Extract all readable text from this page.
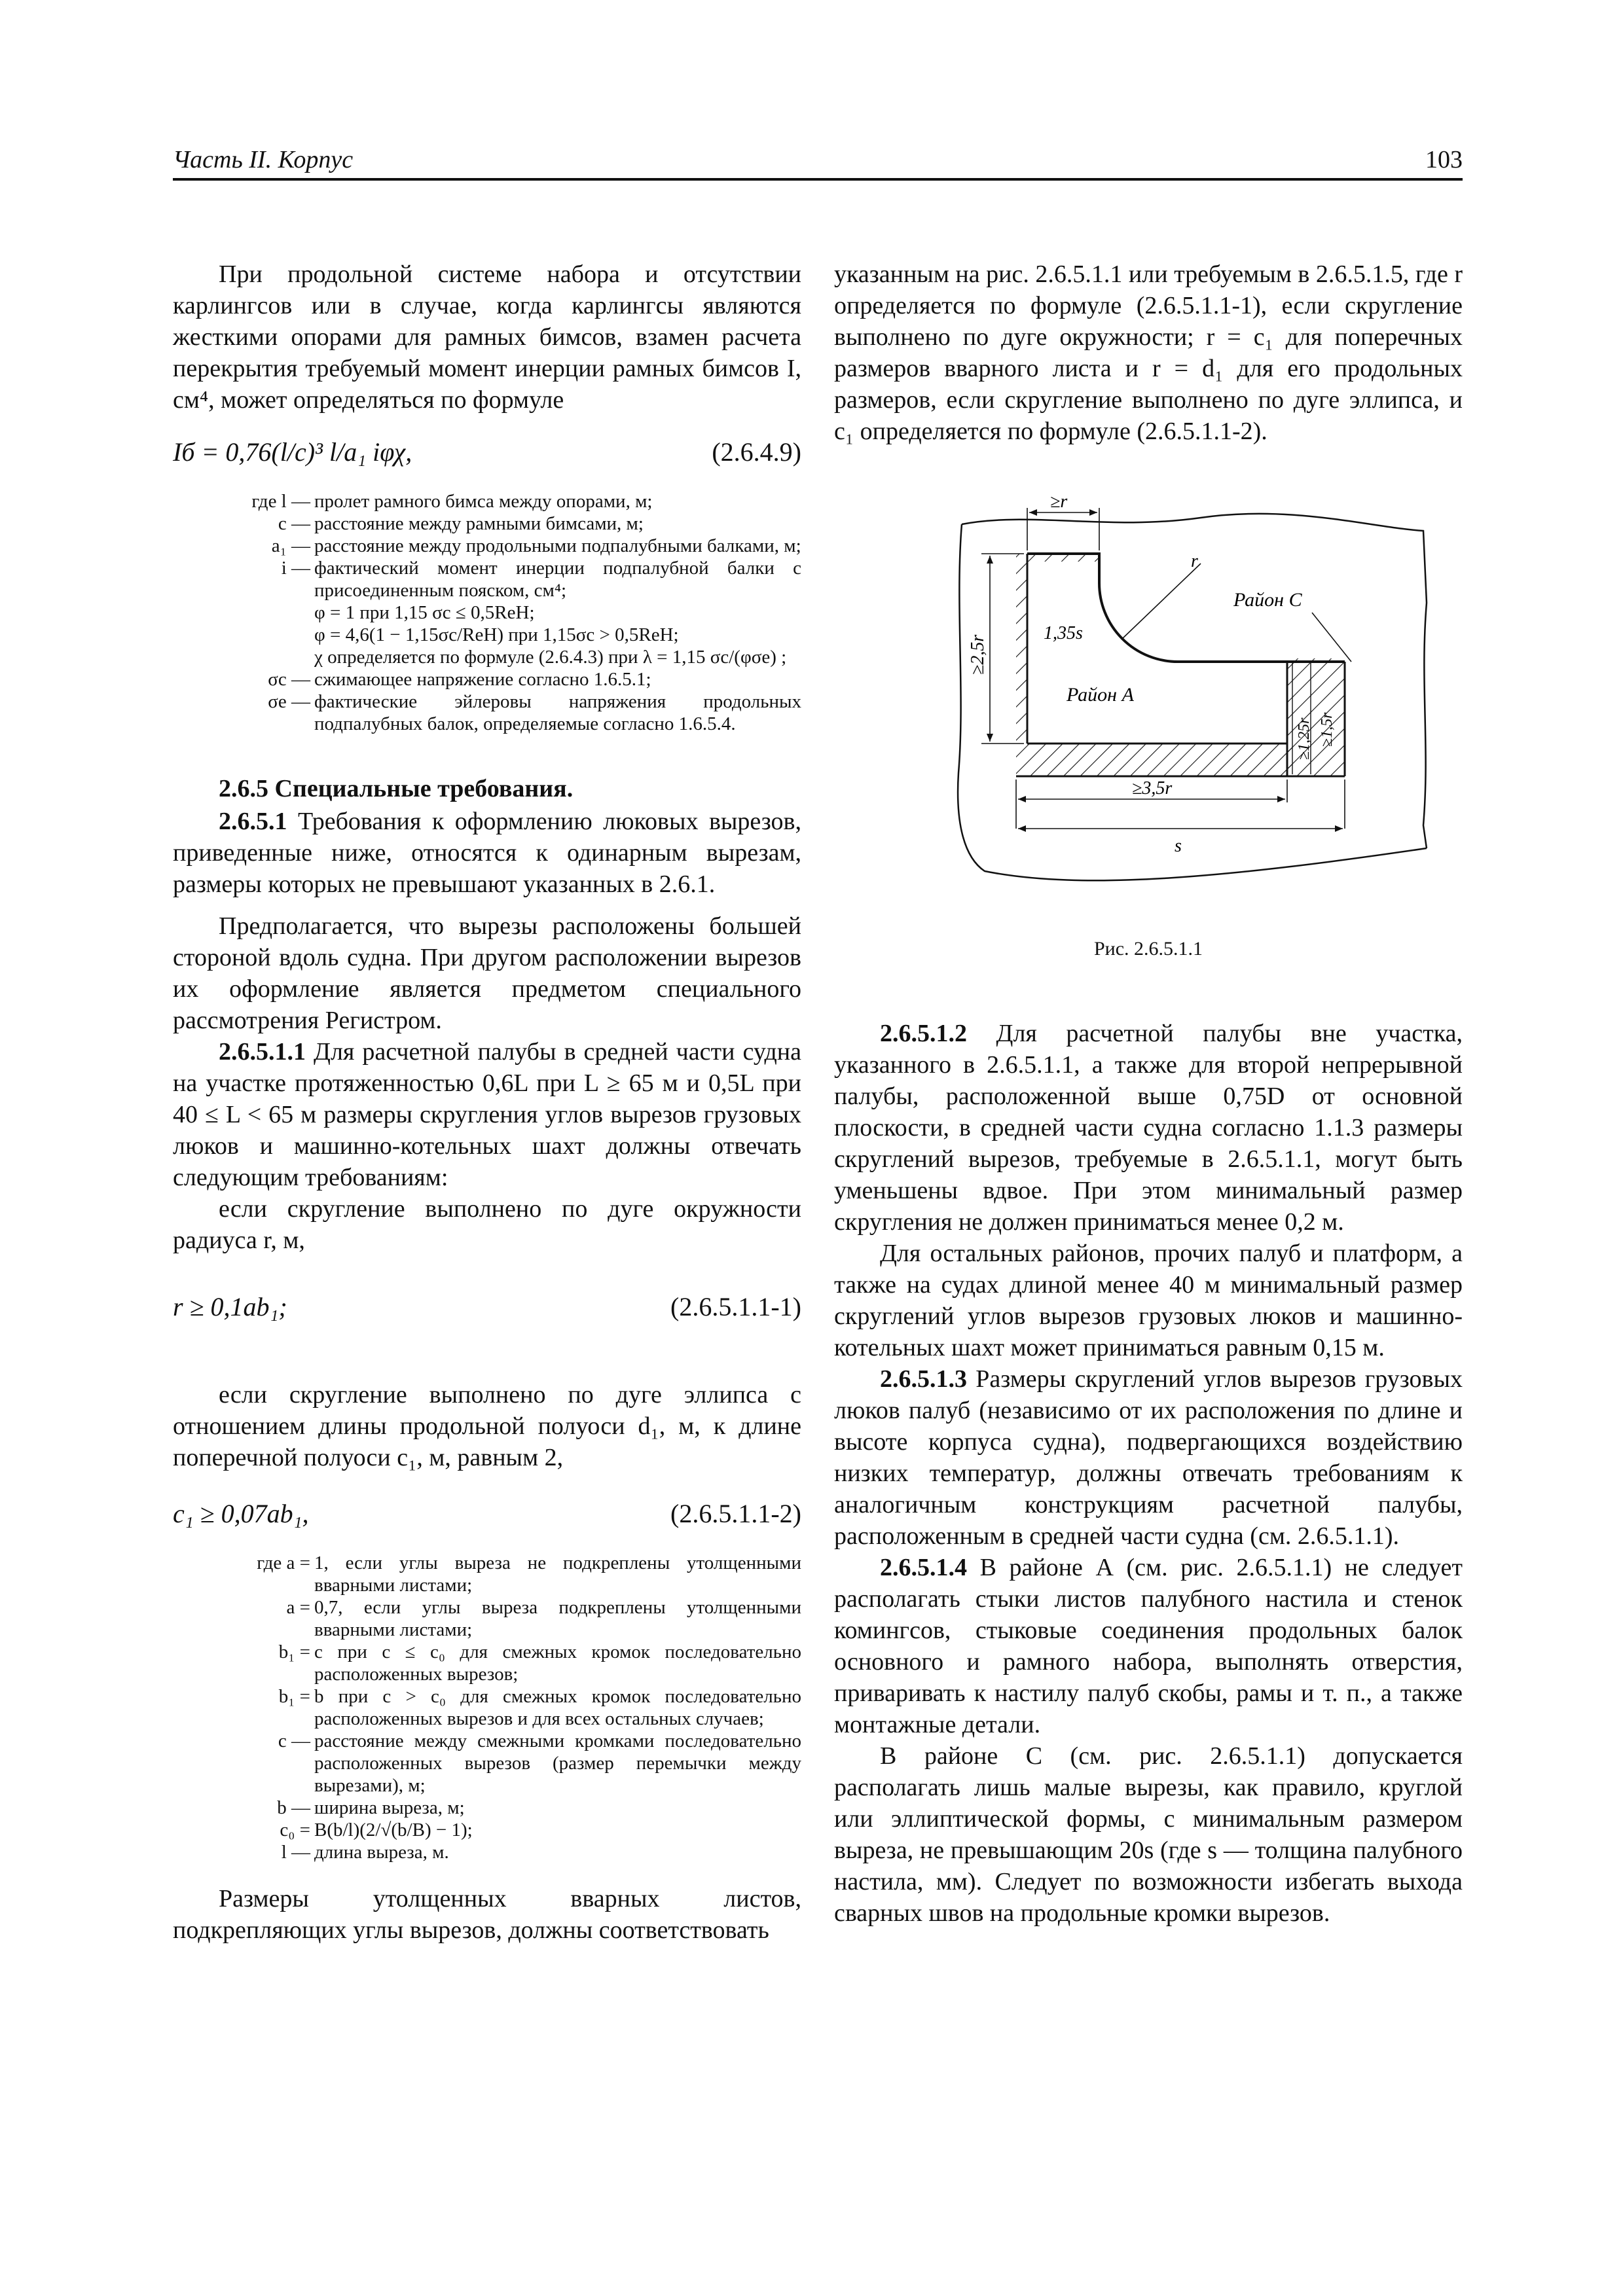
Часть II. Корпус	103

При продольной системе набора и отсутствии карлингсов или в случае, когда карлингсы являются жесткими опорами для рамных бимсов, взамен расчета перекрытия требуемый момент инерции рамных бимсов I, см⁴, может определяться по формуле

Iб = 0,76(l/c)³ l/a₁ iφχ,	(2.6.4.9)
где l — пролет рамного бимса между опорами, м;
c — расстояние между рамными бимсами, м;
a₁ — расстояние между продольными подпалубными балками, м;
i — фактический момент инерции подпалубной балки с присоединенным пояском, см⁴;
φ = 1 при 1,15 σc ≤ 0,5ReH;
φ = 4,6(1 − 1,15σc/ReH) при 1,15σc > 0,5ReH;
χ определяется по формуле (2.6.4.3) при λ = 1,15 σc/(φσe) ;
σc — сжимающее напряжение согласно 1.6.5.1;
σe — фактические эйлеровы напряжения продольных подпалубных балок, определяемые согласно 1.6.5.4.
2.6.5 Специальные требования.

2.6.5.1 Требования к оформлению люковых вырезов, приведенные ниже, относятся к одинарным вырезам, размеры которых не превышают указанных в 2.6.1.

Предполагается, что вырезы расположены большей стороной вдоль судна. При другом расположении вырезов их оформление является предметом специального рассмотрения Регистром.

2.6.5.1.1 Для расчетной палубы в средней части судна на участке протяженностью 0,6L при L ≥ 65 м и 0,5L при 40 ≤ L < 65 м размеры скругления углов вырезов грузовых люков и машинно-котельных шахт должны отвечать следующим требованиям:

если скругление выполнено по дуге окружности радиуса r, м,

r ≥ 0,1ab₁;	(2.6.5.1.1-1)

если скругление выполнено по дуге эллипса с отношением длины продольной полуоси d₁, м, к длине поперечной полуоси c₁, м, равным 2,

c₁ ≥ 0,07ab₁,	(2.6.5.1.1-2)
где a = 1, если углы выреза не подкреплены утолщенными вварными листами;
a = 0,7, если углы выреза подкреплены утолщенными вварными листами;
b₁ = c при c ≤ c₀ для смежных кромок последовательно расположенных вырезов;
b₁ = b при c > c₀ для смежных кромок последовательно расположенных вырезов и для всех остальных случаев;
c — расстояние между смежными кромками последовательно расположенных вырезов (размер перемычки между вырезами), м;
b — ширина выреза, м;
c₀ = B(b/l)(2/√(b/B) − 1);
l — длина выреза, м.

Размеры утолщенных вварных листов, подкрепляющих углы вырезов, должны соответствовать

указанным на рис. 2.6.5.1.1 или требуемым в 2.6.5.1.5, где r определяется по формуле (2.6.5.1.1-1), если скругление выполнено по дуге окружности; r = c₁ для поперечных размеров вварного листа и r = d₁ для его продольных размеров, если скругление выполнено по дуге эллипса, и c₁ определяется по формуле (2.6.5.1.1-2).

≥r
r
1,35s
≥2,5r
Район А
Район С
≥1,25r ≥1,5r
≥3,5r
s
Рис. 2.6.5.1.1

2.6.5.1.2 Для расчетной палубы вне участка, указанного в 2.6.5.1.1, а также для второй непрерывной палубы, расположенной выше 0,75D от основной плоскости, в средней части судна согласно 1.1.3 размеры скруглений вырезов, требуемые в 2.6.5.1.1, могут быть уменьшены вдвое. При этом минимальный размер скругления не должен приниматься менее 0,2 м.

Для остальных районов, прочих палуб и платформ, а также на судах длиной менее 40 м минимальный размер скруглений углов вырезов грузовых люков и машинно-котельных шахт может приниматься равным 0,15 м.

2.6.5.1.3 Размеры скруглений углов вырезов грузовых люков палуб (независимо от их расположения по длине и высоте корпуса судна), подвергающихся воздействию низких температур, должны отвечать требованиям к аналогичным конструкциям расчетной палубы, расположенным в средней части судна (см. 2.6.5.1.1).

2.6.5.1.4 В районе А (см. рис. 2.6.5.1.1) не следует располагать стыки листов палубного настила и стенок комингсов, стыковые соединения продольных балок основного и рамного набора, выполнять отверстия, приваривать к настилу палуб скобы, рамы и т. п., а также монтажные детали.

В районе С (см. рис. 2.6.5.1.1) допускается располагать лишь малые вырезы, как правило, круглой или эллиптической формы, с минимальным размером выреза, не превышающим 20s (где s — толщина палубного настила, мм). Следует по возможности избегать выхода сварных швов на продольные кромки вырезов.
